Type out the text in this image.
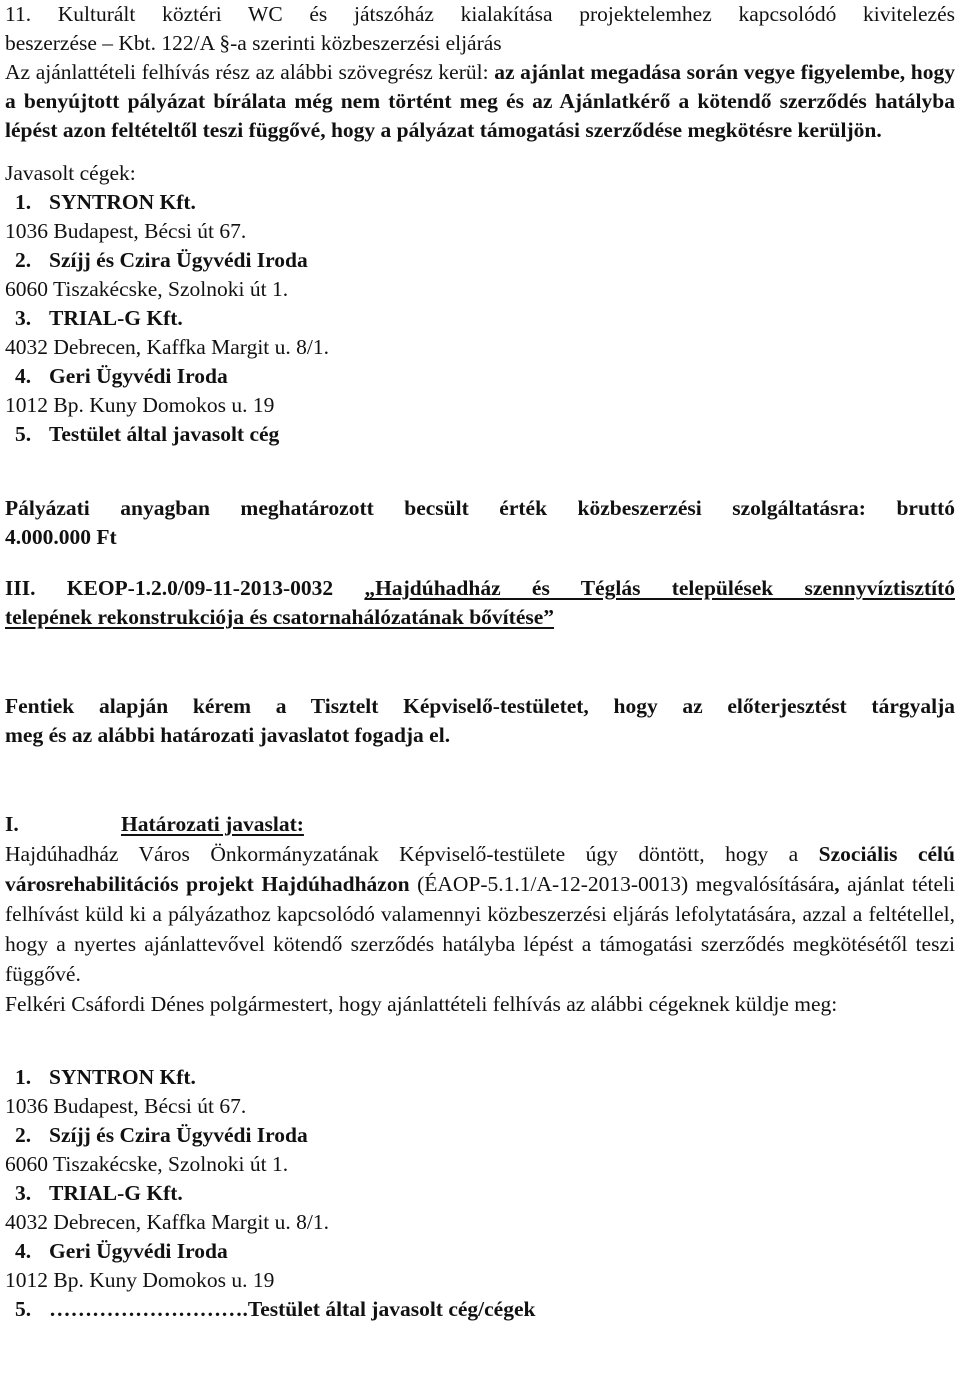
11. Kulturált köztéri WC és játszóház kialakítása projektelemhez kapcsolódó kivitelezés

beszerzése – Kbt. 122/A §-a szerinti közbeszerzési eljárás

Az ajánlattételi felhívás rész az alábbi szövegrész kerül: az ajánlat megadása során vegye figyelembe, hogy a benyújtott pályázat bírálata még nem történt meg és az Ajánlatkérő a kötendő szerződés hatályba lépést azon feltételtől teszi függővé, hogy a pályázat támogatási szerződése megkötésre kerüljön.

Javasolt cégek:

1. SYNTRON Kft.

1036 Budapest, Bécsi út 67.

2. Szíjj és Czira Ügyvédi Iroda

6060 Tiszakécske, Szolnoki út 1.

3. TRIAL-G Kft.

4032 Debrecen, Kaffka Margit u. 8/1.

4. Geri Ügyvédi Iroda

1012 Bp. Kuny Domokos u. 19

5. Testület által javasolt cég

Pályázati anyagban meghatározott becsült érték közbeszerzési szolgáltatásra: bruttó

4.000.000 Ft

III. KEOP-1.2.0/09-11-2013-0032 „Hajdúhadház és Téglás települések szennyvíztisztító

telepének rekonstrukciója és csatornahálózatának bővítése”

Fentiek alapján kérem a Tisztelt Képviselő-testületet, hogy az előterjesztést tárgyalja

meg és az alábbi határozati javaslatot fogadja el.

I.	Határozati javaslat:

Hajdúhadház Város Önkormányzatának Képviselő-testülete úgy döntött, hogy a Szociális célú városrehabilitációs projekt Hajdúhadházon (ÉAOP-5.1.1/A-12-2013-0013) megvalósítására, ajánlat tételi felhívást küld ki a pályázathoz kapcsolódó valamennyi közbeszerzési eljárás lefolytatására, azzal a feltétellel, hogy a nyertes ajánlattevővel kötendő szerződés hatályba lépést a támogatási szerződés megkötésétől teszi függővé.

Felkéri Csáfordi Dénes polgármestert, hogy ajánlattételi felhívás az alábbi cégeknek küldje meg:

1. SYNTRON Kft.

1036 Budapest, Bécsi út 67.

2. Szíjj és Czira Ügyvédi Iroda

6060 Tiszakécske, Szolnoki út 1.

3. TRIAL-G Kft.

4032 Debrecen, Kaffka Margit u. 8/1.

4. Geri Ügyvédi Iroda

1012 Bp. Kuny Domokos u. 19

5. ……………………….Testület által javasolt cég/cégek
